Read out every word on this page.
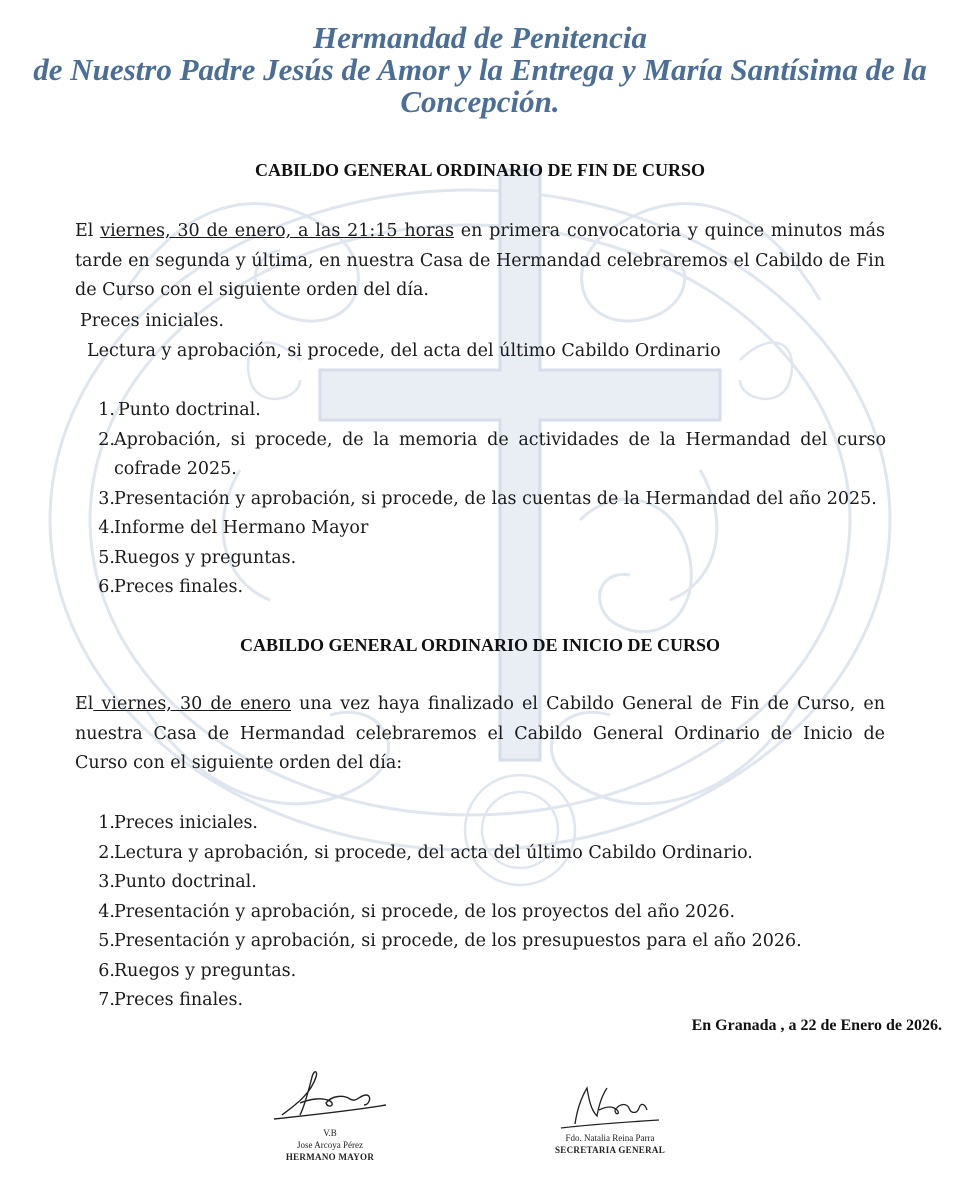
Hermandad de Penitencia
de Nuestro Padre Jesús de Amor y la Entrega y María Santísima de la
Concepción.
CABILDO GENERAL ORDINARIO DE FIN DE CURSO
El viernes, 30 de enero, a las 21:15 horas en primera convocatoria y quince minutos más tarde en segunda y última, en nuestra Casa de Hermandad celebraremos el Cabildo de Fin de Curso con el siguiente orden del día.
Preces iniciales.
Lectura y aprobación, si procede, del acta del último Cabildo Ordinario
1. Punto doctrinal.
2. Aprobación, si procede, de la memoria de actividades de la Hermandad del curso cofrade 2025.
3. Presentación y aprobación, si procede, de las cuentas de la Hermandad del año 2025.
4. Informe del Hermano Mayor
5. Ruegos y preguntas.
6. Preces finales.
CABILDO GENERAL ORDINARIO DE INICIO DE CURSO
El viernes, 30 de enero una vez haya finalizado el Cabildo General de Fin de Curso, en nuestra Casa de Hermandad celebraremos el Cabildo General Ordinario de Inicio de Curso con el siguiente orden del día:
1. Preces iniciales.
2. Lectura y aprobación, si procede, del acta del último Cabildo Ordinario.
3. Punto doctrinal.
4. Presentación y aprobación, si procede, de los proyectos del año 2026.
5. Presentación y aprobación, si procede, de los presupuestos para el año 2026.
6. Ruegos y preguntas.
7. Preces finales.
En Granada , a 22 de Enero de 2026.
V.B
Jose Arcoya Pérez
HERMANO MAYOR
Fdo. Natalia Reina Parra
SECRETARIA GENERAL
